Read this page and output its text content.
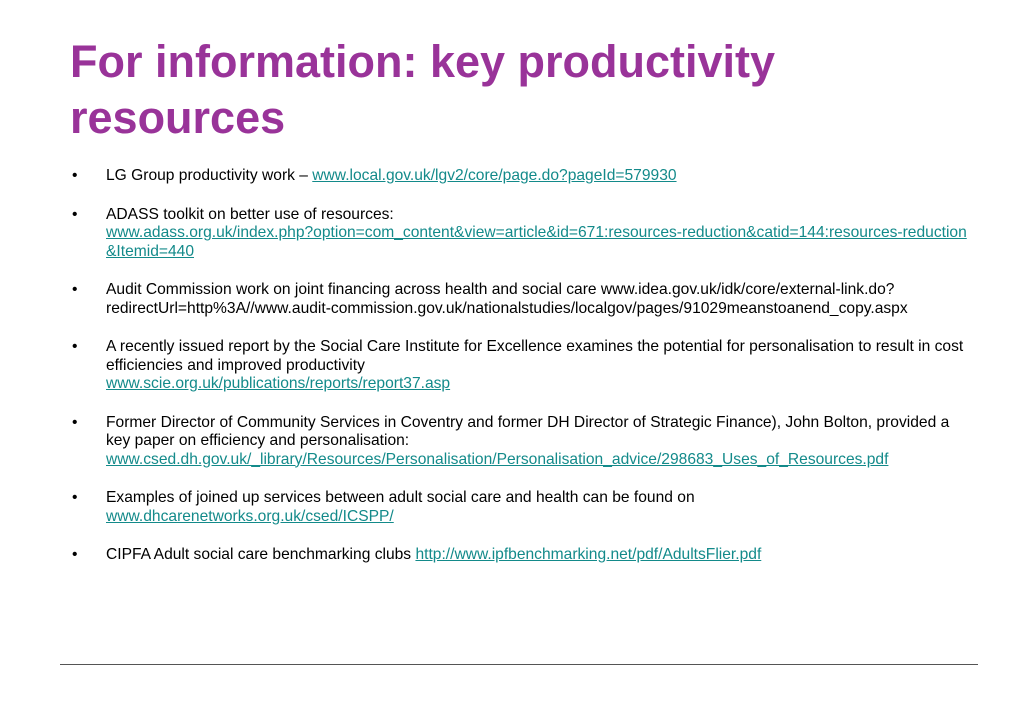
For information: key productivity resources
•	LG Group productivity work – www.local.gov.uk/lgv2/core/page.do?pageId=579930
•	ADASS toolkit on better use of resources:
www.adass.org.uk/index.php?option=com_content&view=article&id=671:resources-reduction&catid=144:resources-reduction&Itemid=440
•	Audit Commission work on joint financing across health and social care www.idea.gov.uk/idk/core/external-link.do?redirectUrl=http%3A//www.audit-commission.gov.uk/nationalstudies/localgov/pages/91029meanstoanend_copy.aspx
•	A recently issued report by the Social Care Institute for Excellence examines the potential for personalisation to result in cost efficiencies and improved productivity
www.scie.org.uk/publications/reports/report37.asp
•	Former Director of Community Services in Coventry and former DH Director of Strategic Finance), John Bolton, provided a key paper on efficiency and personalisation:
www.csed.dh.gov.uk/_library/Resources/Personalisation/Personalisation_advice/298683_Uses_of_Resources.pdf
•	Examples of joined up services between adult social care and health can be found on
www.dhcarenetworks.org.uk/csed/ICSPP/
•	CIPFA Adult social care benchmarking clubs http://www.ipfbenchmarking.net/pdf/AdultsFlier.pdf
